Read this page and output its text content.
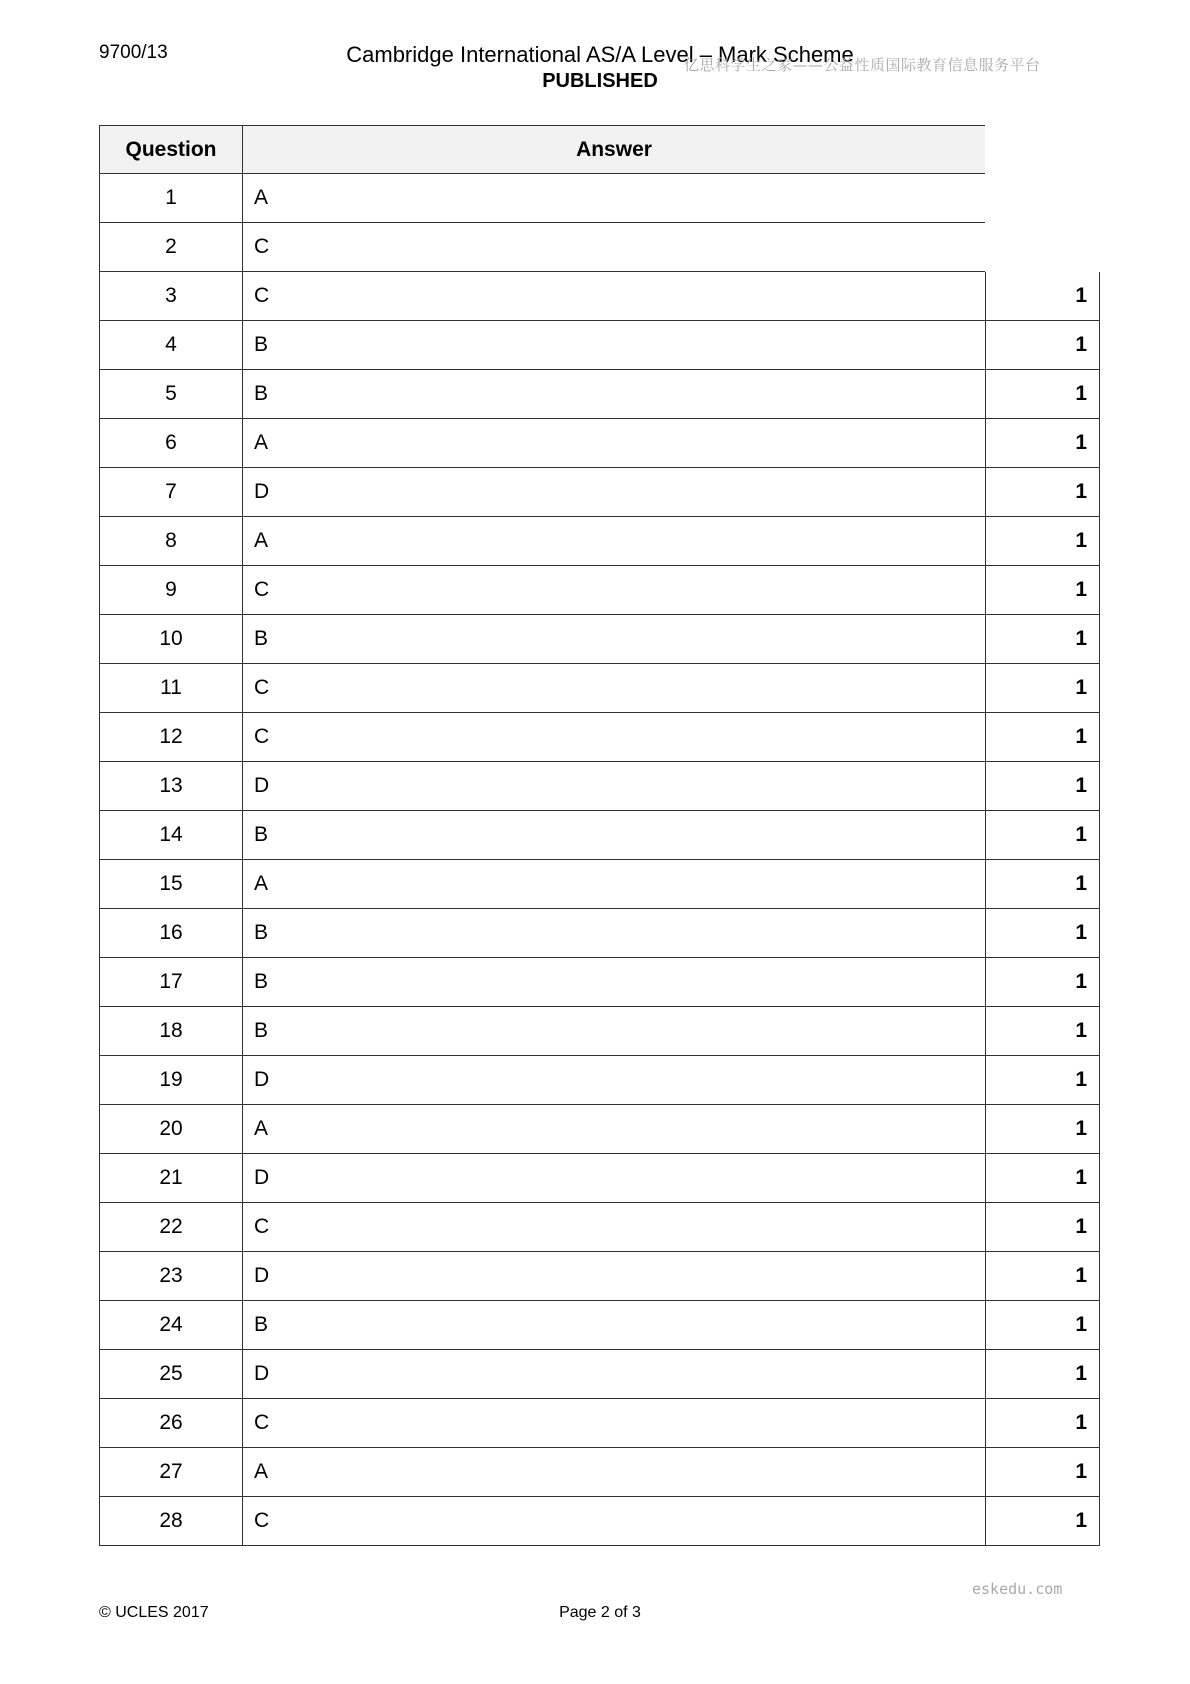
9700/13	Cambridge International AS/A Level – Mark Scheme
PUBLISHED
亿思科学生之家——公益性质国际教育信息服务平台
Question	Answer
1	A
2	C
3	C	1
4	B	1
5	B	1
6	A	1
7	D	1
8	A	1
9	C	1
10	B	1
11	C	1
12	C	1
13	D	1
14	B	1
15	A	1
16	B	1
17	B	1
18	B	1
19	D	1
20	A	1
21	D	1
22	C	1
23	D	1
24	B	1
25	D	1
26	C	1
27	A	1
28	C	1
© UCLES 2017	Page 2 of 3
eskedu.com
